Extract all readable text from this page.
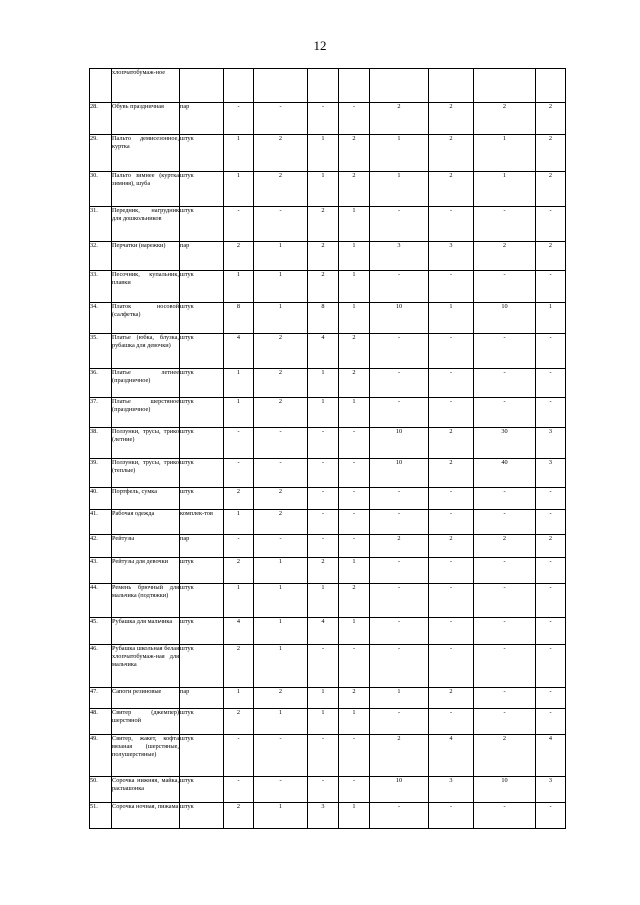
12
	хлопчатобумаж-ное									
28.	Обувь праздничная	пар	-	-	-	-	2	2	2	2
29.	Пальто демисезонное, куртка	штук	1	2	1	2	1	2	1	2
30.	Пальто зимнее (куртка зимняя), шуба	штук	1	2	1	2	1	2	1	2
31.	Передник, нагрудник для дошкольников	штук	-	-	2	1	-	-	-	-
32.	Перчатки (варежки)	пар	2	1	2	1	3	3	2	2
33.	Песочник, купальник, плавки	штук	1	1	2	1	-	-	-	-
34.	Платок носовой (салфетка)	штук	8	1	8	1	10	1	10	1
35.	Платье (юбка, блузка, рубашка для девочки)	штук	4	2	4	2	-	-	-	-
36.	Платье летнее (праздничное)	штук	1	2	1	2	-	-	-	-
37.	Платье шерстяное (праздничное)	штук	1	2	1	1	-	-	-	-
38.	Ползунки, трусы, трико (летние)	штук	-	-	-	-	10	2	30	3
39.	Ползунки, трусы, трико (теплые)	штук	-	-	-	-	10	2	40	3
40.	Портфель, сумка	штук	2	2	-	-	-	-	-	-
41.	Рабочая одежда	комплек-тов	1	2	-	-	-	-	-	-
42.	Рейтузы	пар	-	-	-	-	2	2	2	2
43.	Рейтузы для девочки	штук	2	1	2	1	-	-	-	-
44.	Ремень брючный для мальчика (подтяжки)	штук	1	1	1	2	-	-	-	-
45.	Рубашка для мальчика	штук	4	1	4	1	-	-	-	-
46.	Рубашка школьная белая хлопчатобумаж-ная для мальчика	штук	2	1	-	-	-	-	-	-
47.	Сапоги резиновые	пар	1	2	1	2	1	2	-	-
48.	Свитер (джемпер) шерстяной	штук	2	1	1	1	-	-	-	-
49.	Свитер, жакет, кофта вязаная (шерстяные, полушерстяные)	штук	-	-	-	-	2	4	2	4
50.	Сорочка нижняя, майка, распашонка	штук	-	-	-	-	10	3	10	3
51.	Сорочка ночная, пижама	штук	2	1	3	1	-	-	-	-
